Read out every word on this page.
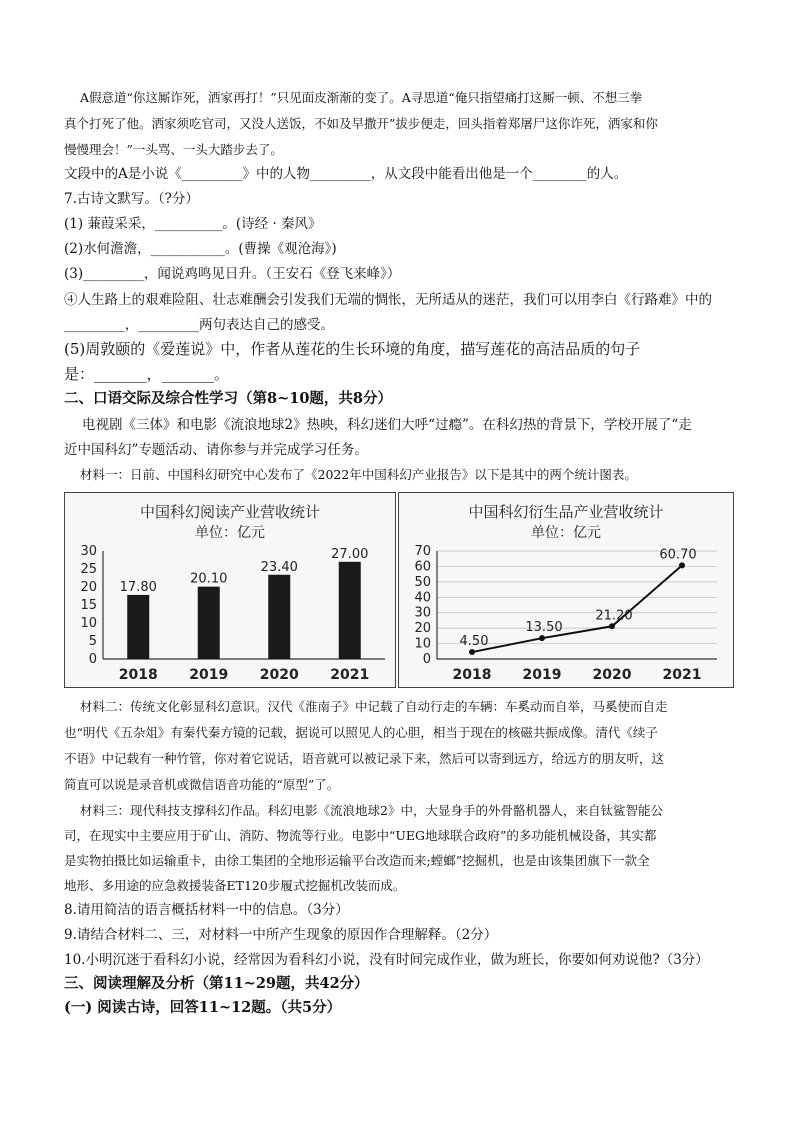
A假意道“你这厮诈死，洒家再打！”只见面皮渐渐的变了。A寻思道“俺只指望痛打这厮一顿、不想三拳
真个打死了他。洒家须吃官司，又没人送饭，不如及早撒开”拔步便走，回头指着郑屠尸这你诈死，洒家和你
慢慢理会！”一头骂、一头大踏步去了。
文段中的A是小说《_________》中的人物_________，从文段中能看出他是一个________的人。
7.古诗文默写。（?分）
(1) 蒹葭采采，__________。(诗经 · 秦风》
(2)水何澹澹，___________。(曹操《观沧海》)
(3)_________，闻说鸡鸣见日升。（王安石《登飞来峰》）
④人生路上的艰难险阻、壮志难酬会引发我们无端的惆怅，无所适从的迷茫，我们可以用李白《行路难》中的
_________，_________两句表达自己的感受。
(5)周敦颐的《爱莲说》中，作者从莲花的生长环境的角度，描写莲花的高洁品质的句子
是：_______，_______。
二、口语交际及综合性学习（第8~10题，共8分）
电视剧《三体》和电影《流浪地球2》热映，科幻迷们大呼“过瘾”。在科幻热的背景下，学校开展了“走
近中国科幻”专题活动、请你参与并完成学习任务。
材料一：日前、中国科幻研究中心发布了《2022年中国科幻产业报告》以下是其中的两个统计图表。
中国科幻阅读产业营收统计
单位：亿元
30
25
20
15
10
5
0
2018
17.80
2019
20.10
2020
23.40
2021
27.00
中国科幻衍生品产业营收统计
单位：亿元
70
60
50
40
30
20
10
0
2018 2019 2020 2021
4.50
13.50
21.20
60.70
材料二：传统文化彰显科幻意识。汉代《淮南子》中记载了自动行走的车辆：车奚动而自举，马奚使而自走
也“明代《五杂俎》有秦代秦方镜的记载，据说可以照见人的心胆，相当于现在的核磁共振成像。清代《续子
不语》中记载有一种竹管，你对着它说话，语音就可以被记录下来，然后可以寄到远方，给远方的朋友听，这
简直可以说是录音机或微信语音功能的“原型”了。
材料三：现代科技支撑科幻作品。科幻电影《流浪地球2》中，大显身手的外骨骼机器人，来自钛鲨智能公
司，在现实中主要应用于矿山、消防、物流等行业。电影中“UEG地球联合政府”的多功能机械设备，其实都
是实物拍摄比如运输重卡，由徐工集团的全地形运输平台改造而来;螳螂”挖掘机，也是由该集团旗下一款全
地形、多用途的应急救援装备ET120步履式挖掘机改装而成。
8.请用简洁的语言概括材料一中的信息。（3分）
9.请结合材料二、三，对材料一中所产生现象的原因作合理解释。（2分）
10.小明沉迷于看科幻小说，经常因为看科幻小说，没有时间完成作业，做为班长，你要如何劝说他?（3分）
三、阅读理解及分析（第11~29题，共42分）
(一) 阅读古诗，回答11~12题。（共5分）
